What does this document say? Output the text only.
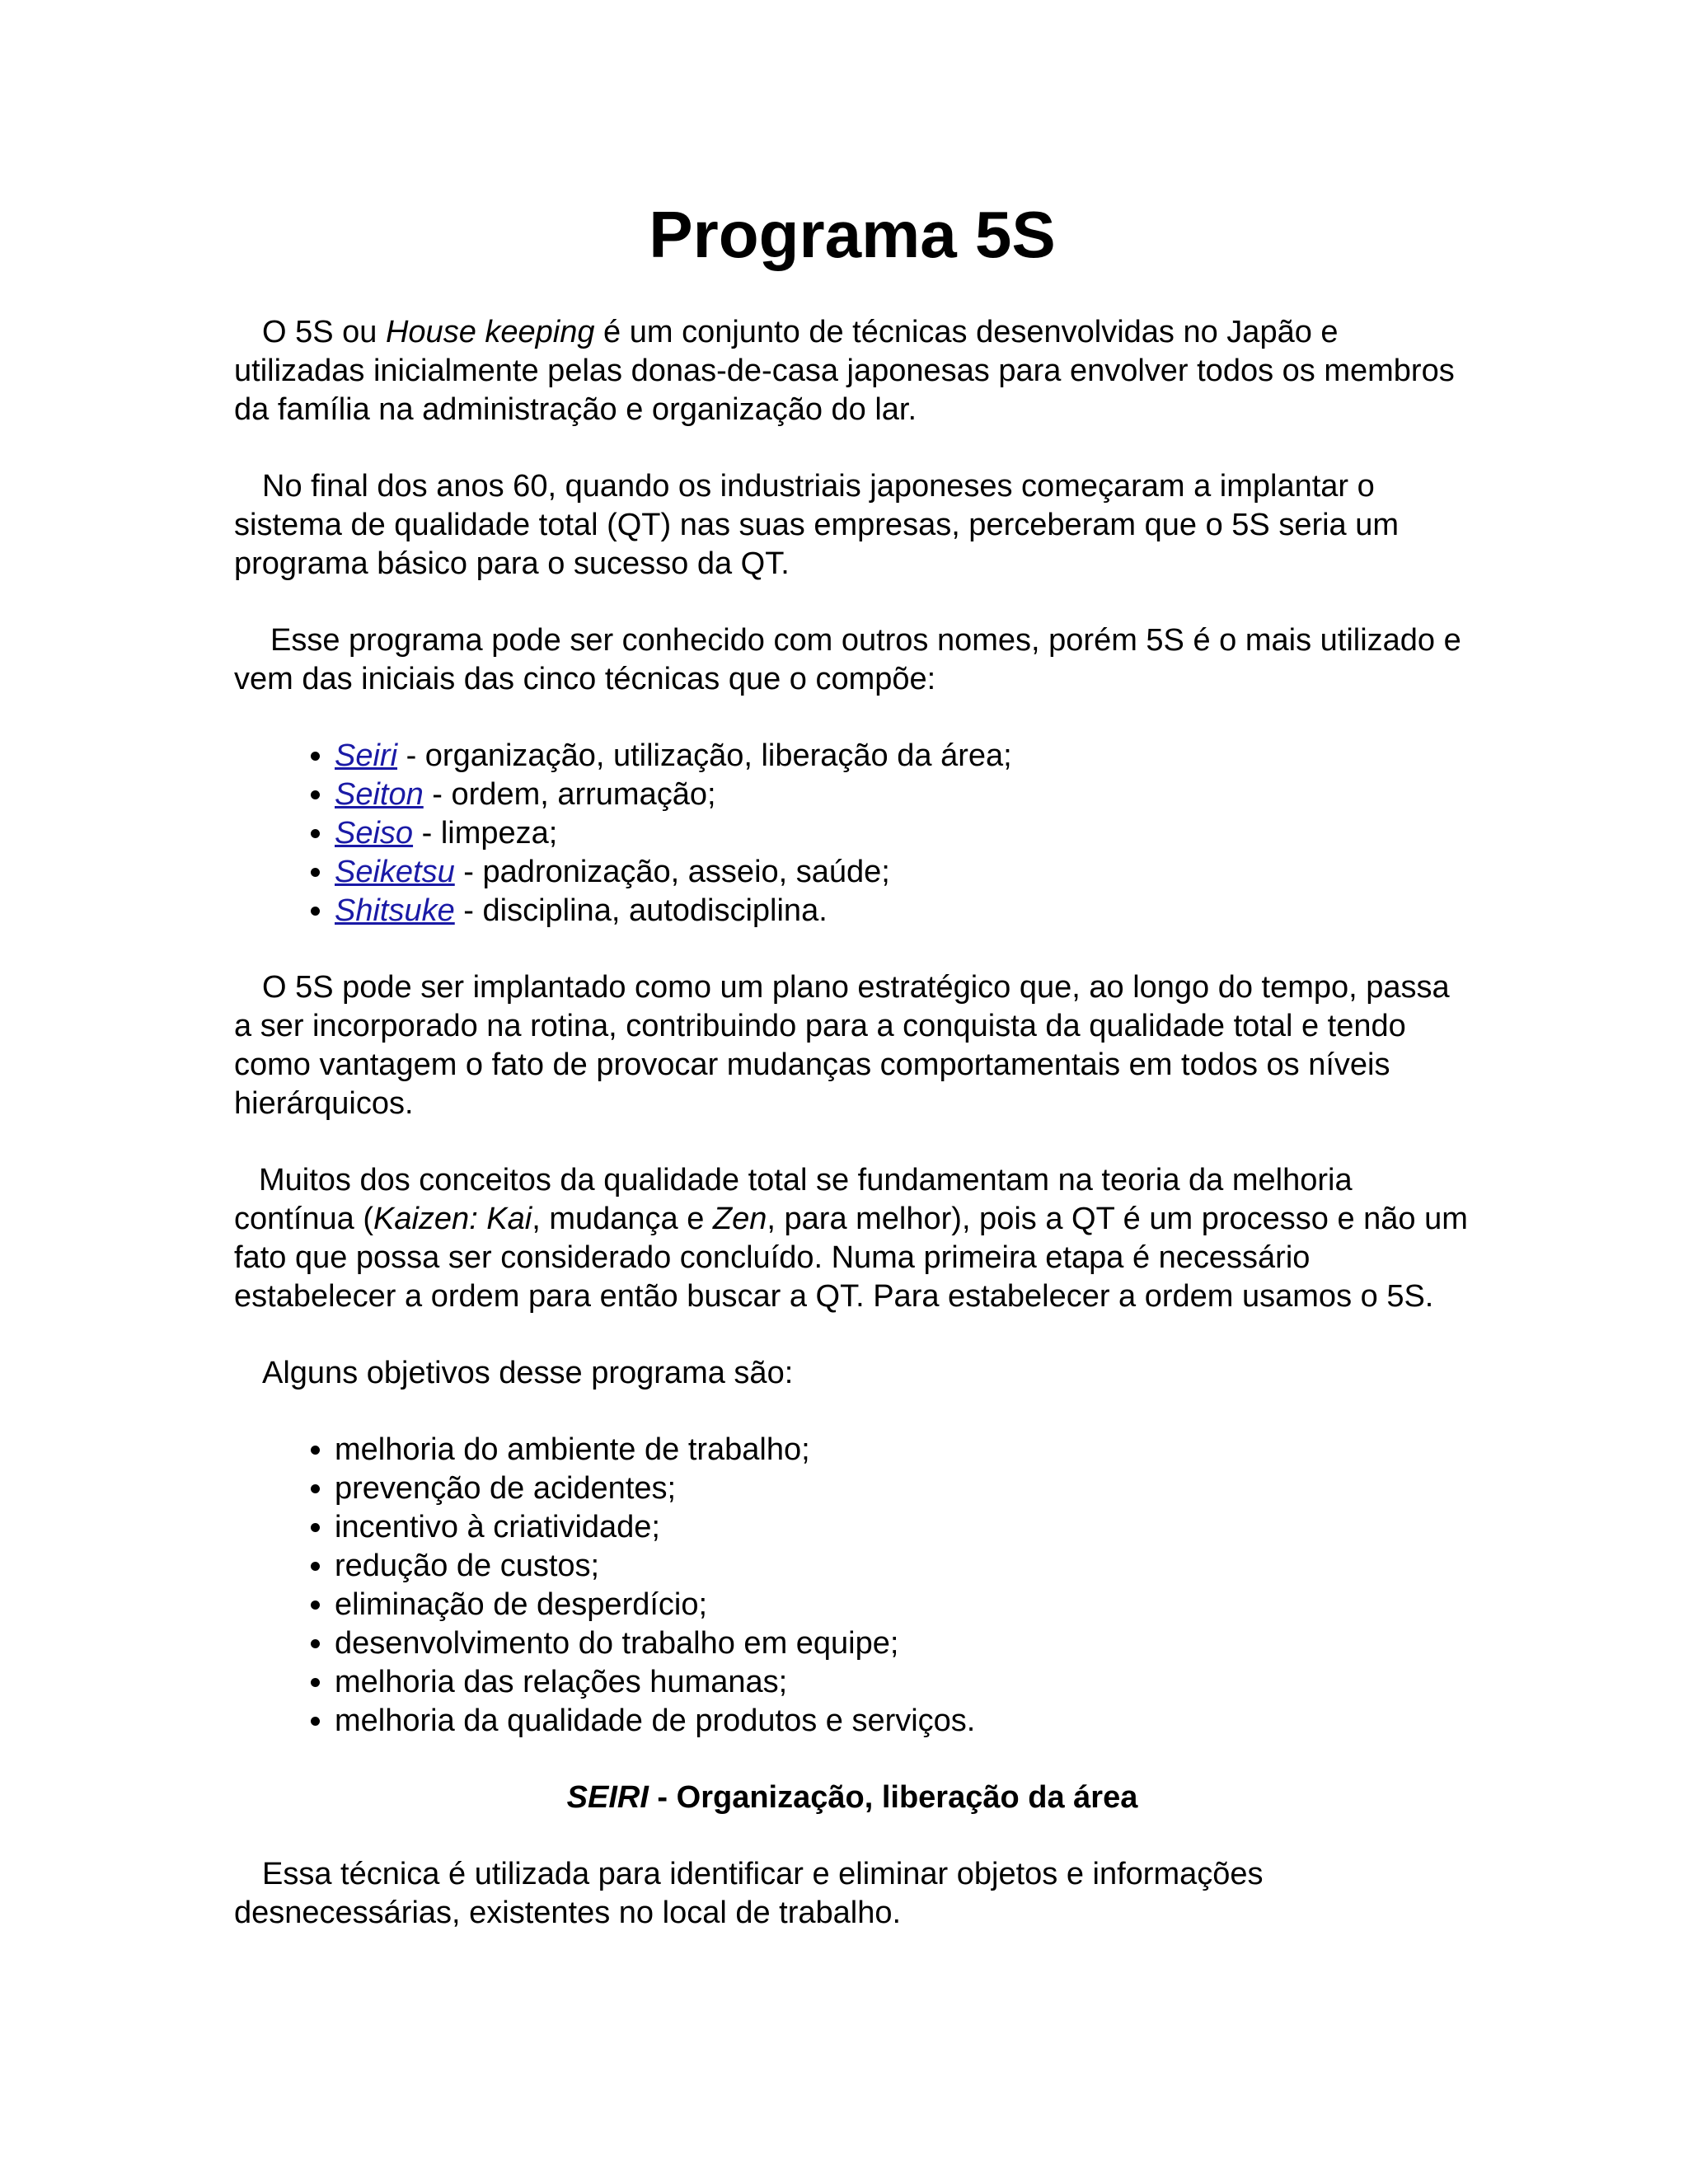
Programa 5S

O 5S ou House keeping é um conjunto de técnicas desenvolvidas no Japão e utilizadas inicialmente pelas donas-de-casa japonesas para envolver todos os membros da família na administração e organização do lar.

No final dos anos 60, quando os industriais japoneses começaram a implantar o sistema de qualidade total (QT) nas suas empresas, perceberam que o 5S seria um programa básico para o sucesso da QT.

Esse programa pode ser conhecido com outros nomes, porém 5S é o mais utilizado e vem das iniciais das cinco técnicas que o compõe:

• Seiri - organização, utilização, liberação da área;
• Seiton - ordem, arrumação;
• Seiso - limpeza;
• Seiketsu - padronização, asseio, saúde;
• Shitsuke - disciplina, autodisciplina.

O 5S pode ser implantado como um plano estratégico que, ao longo do tempo, passa a ser incorporado na rotina, contribuindo para a conquista da qualidade total e tendo como vantagem o fato de provocar mudanças comportamentais em todos os níveis hierárquicos.

Muitos dos conceitos da qualidade total se fundamentam na teoria da melhoria contínua (Kaizen: Kai, mudança e Zen, para melhor), pois a QT é um processo e não um fato que possa ser considerado concluído. Numa primeira etapa é necessário estabelecer a ordem para então buscar a QT. Para estabelecer a ordem usamos o 5S.

Alguns objetivos desse programa são:

• melhoria do ambiente de trabalho;
• prevenção de acidentes;
• incentivo à criatividade;
• redução de custos;
• eliminação de desperdício;
• desenvolvimento do trabalho em equipe;
• melhoria das relações humanas;
• melhoria da qualidade de produtos e serviços.
SEIRI - Organização, liberação da área

Essa técnica é utilizada para identificar e eliminar objetos e informações desnecessárias, existentes no local de trabalho.
